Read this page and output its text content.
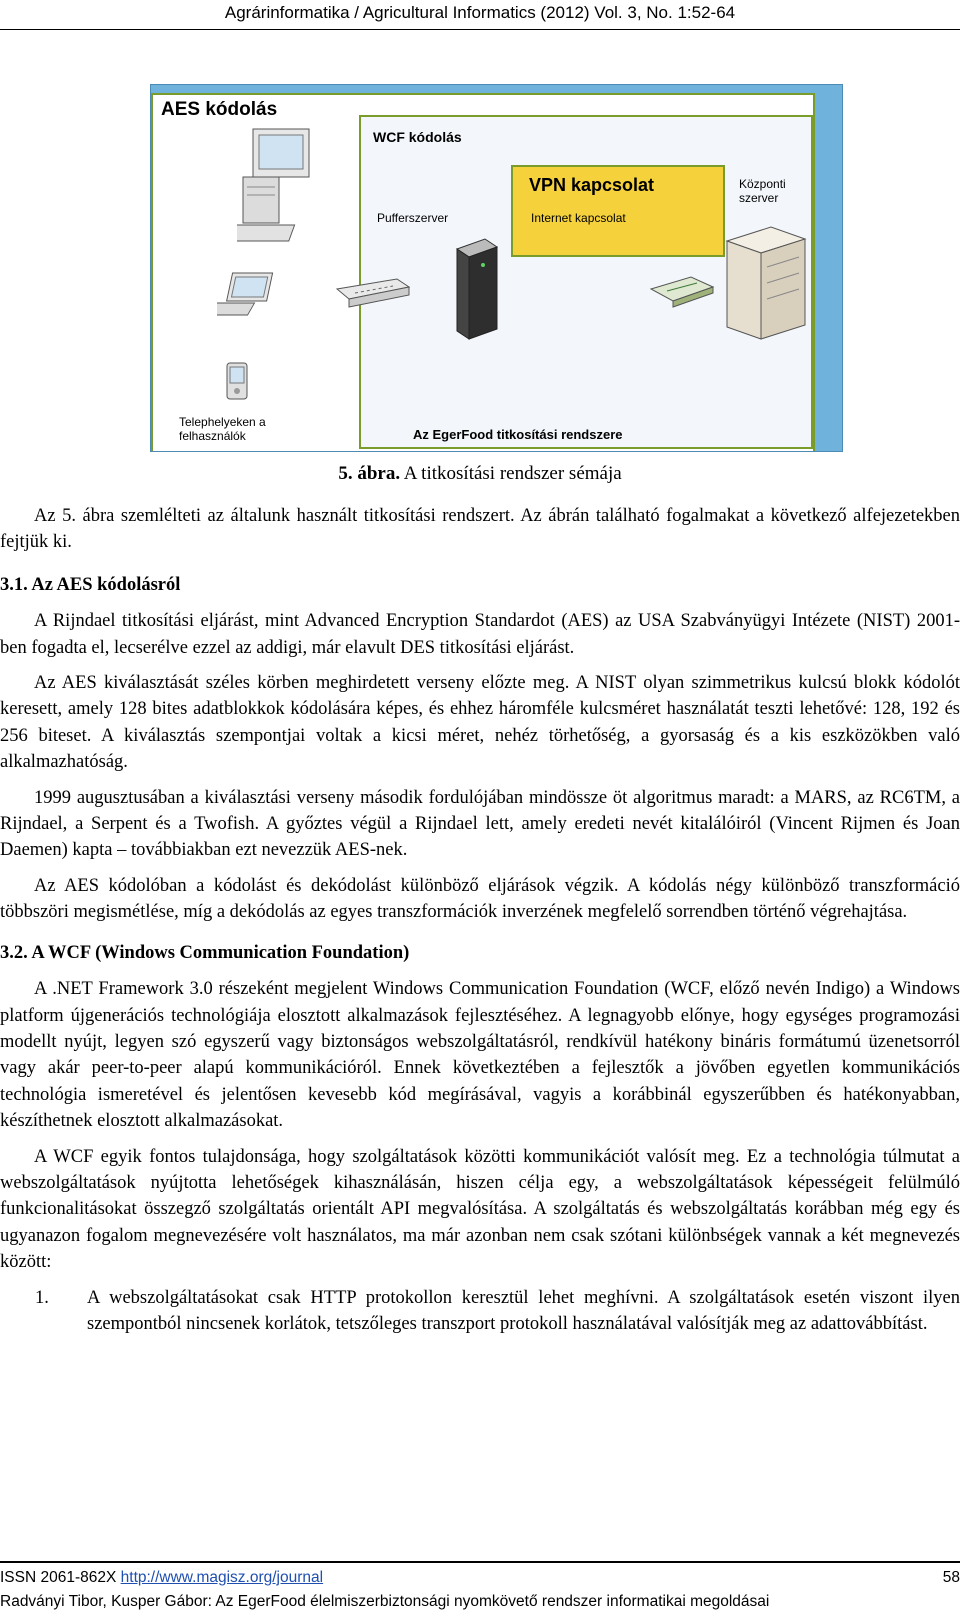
Agrárinformatika / Agricultural Informatics (2012) Vol. 3, No. 1:52-64
AES kódolás
WCF kódolás
VPN kapcsolat
Internet kapcsolat
Pufferszerver
Központi
szerver
Telephelyeken a
felhasználók	Az EgerFood titkosítási rendszere
5. ábra. A titkosítási rendszer sémája

Az 5. ábra szemlélteti az általunk használt titkosítási rendszert. Az ábrán található fogalmakat a következő alfejezetekben fejtjük ki.

3.1. Az AES kódolásról

A Rijndael titkosítási eljárást, mint Advanced Encryption Standardot (AES) az USA Szabványügyi Intézete (NIST) 2001-ben fogadta el, lecserélve ezzel az addigi, már elavult DES titkosítási eljárást.

Az AES kiválasztását széles körben meghirdetett verseny előzte meg. A NIST olyan szimmetrikus kulcsú blokk kódolót keresett, amely 128 bites adatblokkok kódolására képes, és ehhez háromféle kulcsméret használatát teszti lehetővé: 128, 192 és 256 biteset. A kiválasztás szempontjai voltak a kicsi méret, nehéz törhetőség, a gyorsaság és a kis eszközökben való alkalmazhatóság.

1999 augusztusában a kiválasztási verseny második fordulójában mindössze öt algoritmus maradt: a MARS, az RC6TM, a Rijndael, a Serpent és a Twofish. A győztes végül a Rijndael lett, amely eredeti nevét kitalálóiról (Vincent Rijmen és Joan Daemen) kapta – továbbiakban ezt nevezzük AES-nek.

Az AES kódolóban a kódolást és dekódolást különböző eljárások végzik. A kódolás négy különböző transzformáció többszöri megismétlése, míg a dekódolás az egyes transzformációk inverzének megfelelő sorrendben történő végrehajtása.

3.2. A WCF (Windows Communication Foundation)

A .NET Framework 3.0 részeként megjelent Windows Communication Foundation (WCF, előző nevén Indigo) a Windows platform újgenerációs technológiája elosztott alkalmazások fejlesztéséhez. A legnagyobb előnye, hogy egységes programozási modellt nyújt, legyen szó egyszerű vagy biztonságos webszolgáltatásról, rendkívül hatékony bináris formátumú üzenetsorról vagy akár peer-to-peer alapú kommunikációról. Ennek következtében a fejlesztők a jövőben egyetlen kommunikációs technológia ismeretével és jelentősen kevesebb kód megírásával, vagyis a korábbinál egyszerűbben és hatékonyabban, készíthetnek elosztott alkalmazásokat.

A WCF egyik fontos tulajdonsága, hogy szolgáltatások közötti kommunikációt valósít meg. Ez a technológia túlmutat a webszolgáltatások nyújtotta lehetőségek kihasználásán, hiszen célja egy, a webszolgáltatások képességeit felülmúló funkcionalitásokat összegző szolgáltatás orientált API megvalósítása. A szolgáltatás és webszolgáltatás korábban még egy és ugyanazon fogalom megnevezésére volt használatos, ma már azonban nem csak szótani különbségek vannak a két megnevezés között:

1. A webszolgáltatásokat csak HTTP protokollon keresztül lehet meghívni. A szolgáltatások esetén viszont ilyen szempontból nincsenek korlátok, tetszőleges transzport protokoll használatával valósítják meg az adattovábbítást.
ISSN 2061-862X http://www.magisz.org/journal	58
Radványi Tibor, Kusper Gábor: Az EgerFood élelmiszerbiztonsági nyomkövető rendszer informatikai megoldásai
